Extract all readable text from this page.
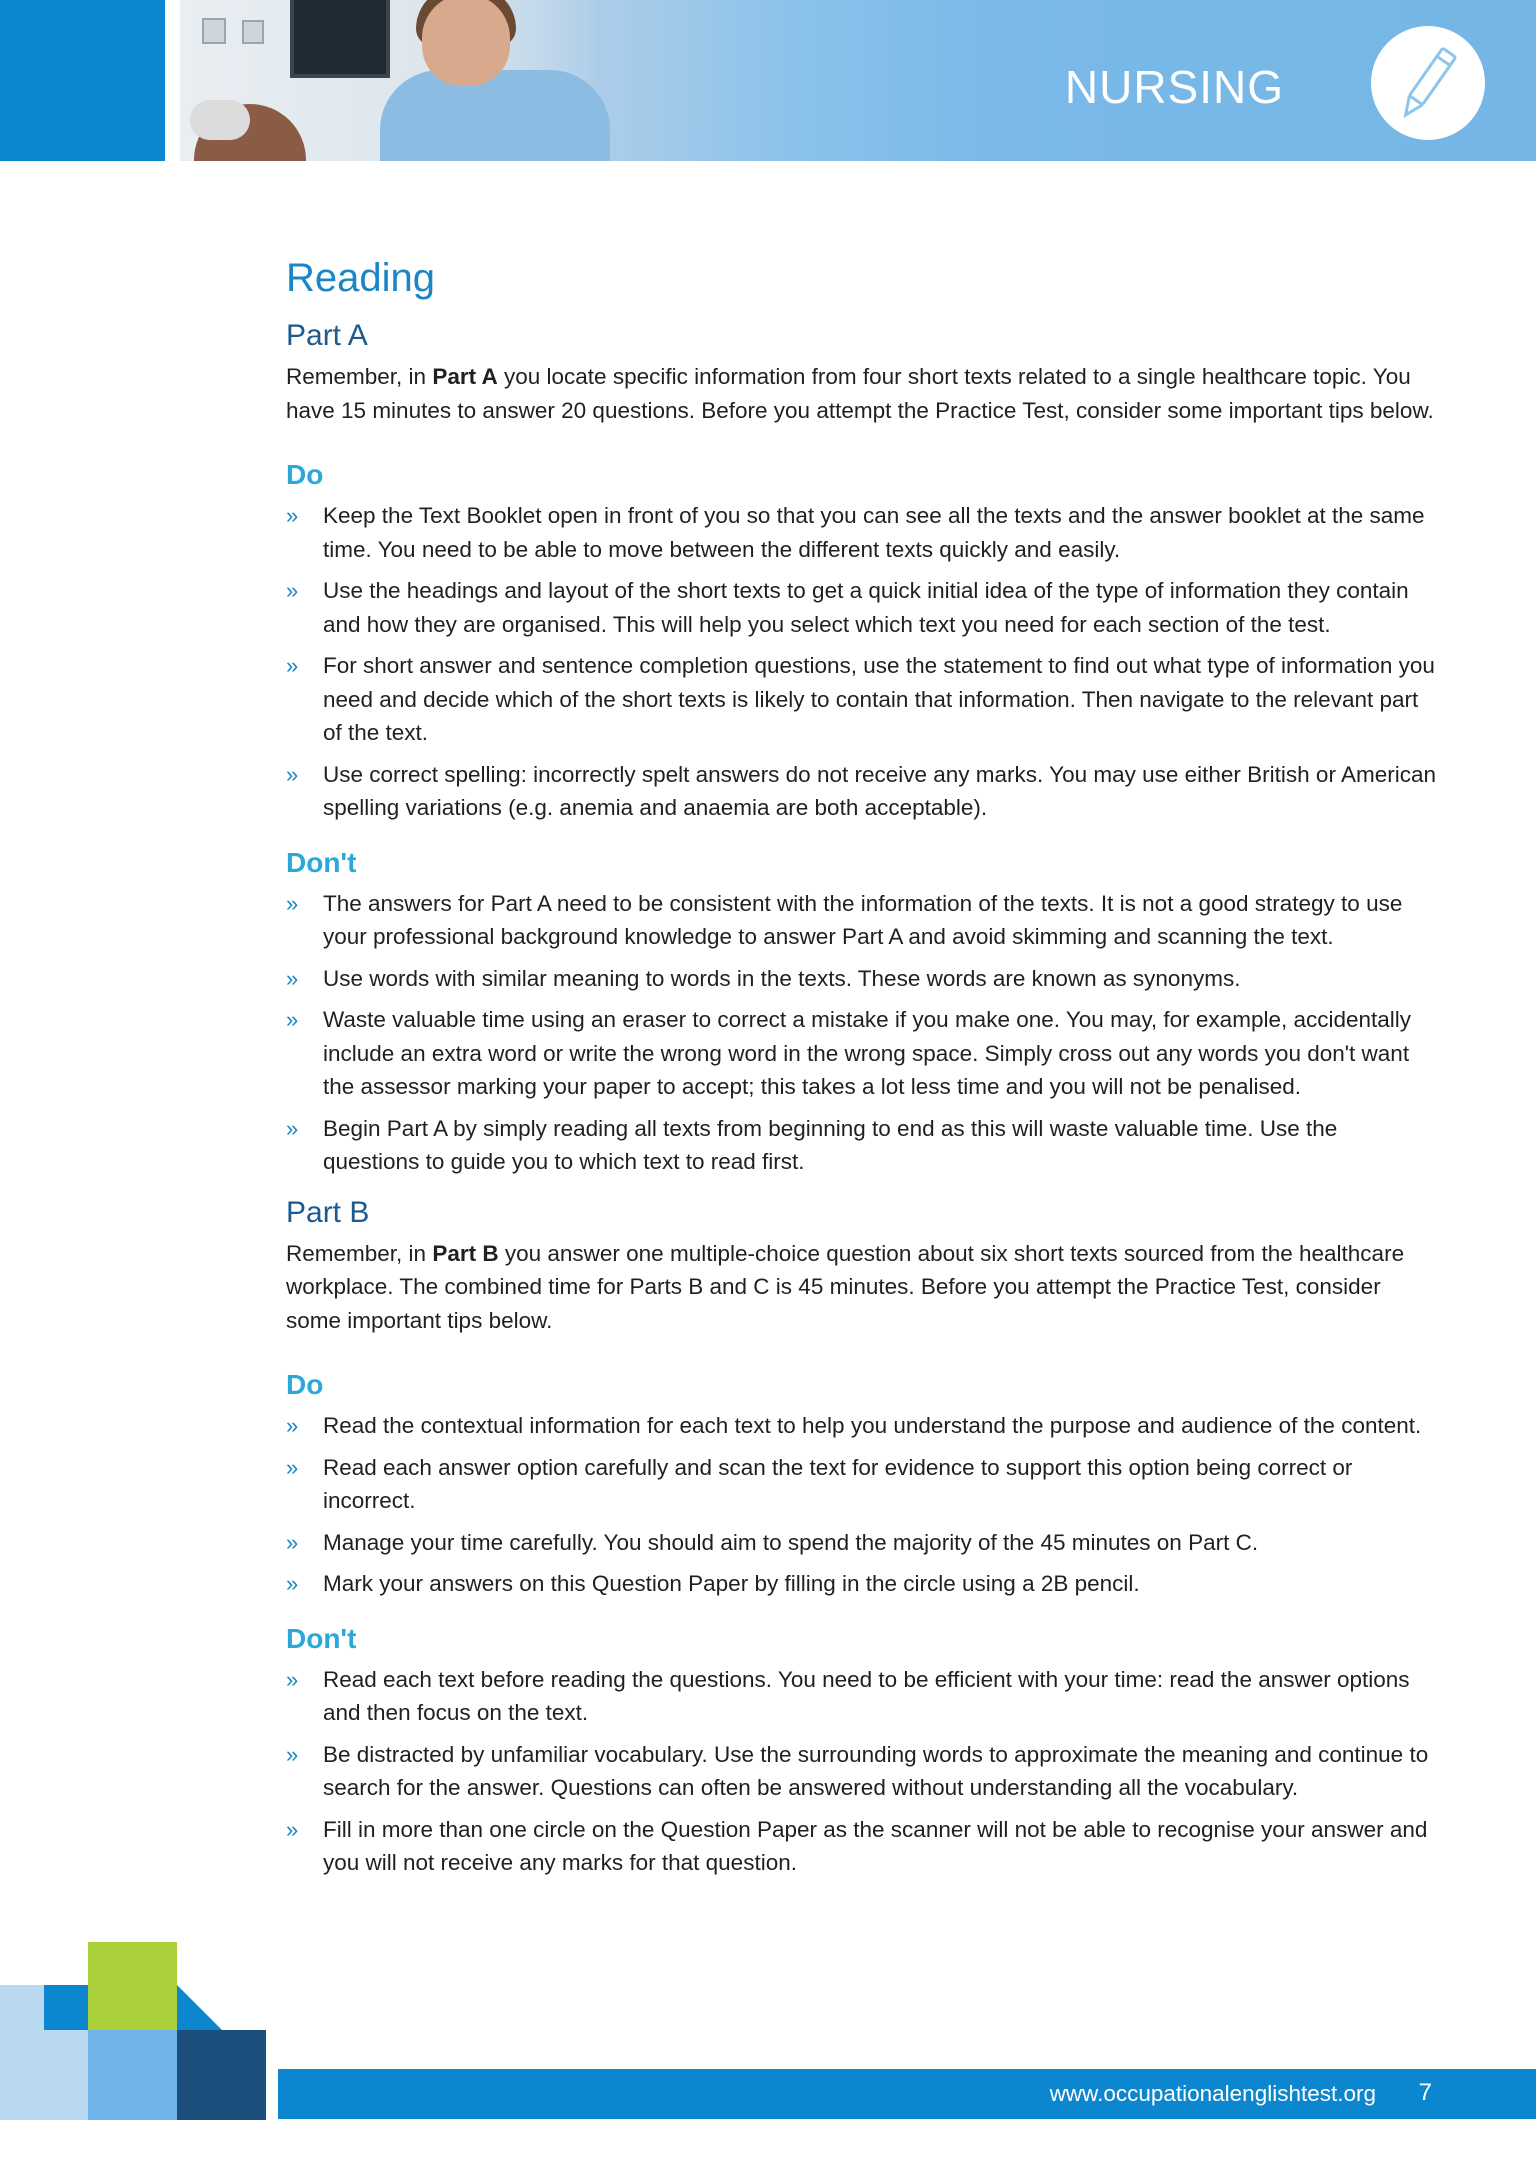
NURSING
Reading
Part A

Remember, in Part A you locate specific information from four short texts related to a single healthcare topic. You have 15 minutes to answer 20 questions. Before you attempt the Practice Test, consider some important tips below.

Do
» Keep the Text Booklet open in front of you so that you can see all the texts and the answer booklet at the same time. You need to be able to move between the different texts quickly and easily.
» Use the headings and layout of the short texts to get a quick initial idea of the type of information they contain and how they are organised. This will help you select which text you need for each section of the test.
» For short answer and sentence completion questions, use the statement to find out what type of information you need and decide which of the short texts is likely to contain that information. Then navigate to the relevant part of the text.
» Use correct spelling: incorrectly spelt answers do not receive any marks. You may use either British or American spelling variations (e.g. anemia and anaemia are both acceptable).
Don't
» The answers for Part A need to be consistent with the information of the texts. It is not a good strategy to use your professional background knowledge to answer Part A and avoid skimming and scanning the text.
» Use words with similar meaning to words in the texts. These words are known as synonyms.
» Waste valuable time using an eraser to correct a mistake if you make one. You may, for example, accidentally include an extra word or write the wrong word in the wrong space. Simply cross out any words you don't want the assessor marking your paper to accept; this takes a lot less time and you will not be penalised.
» Begin Part A by simply reading all texts from beginning to end as this will waste valuable time. Use the questions to guide you to which text to read first.
Part B

Remember, in Part B you answer one multiple-choice question about six short texts sourced from the healthcare workplace. The combined time for Parts B and C is 45 minutes. Before you attempt the Practice Test, consider some important tips below.

Do
» Read the contextual information for each text to help you understand the purpose and audience of the content.
» Read each answer option carefully and scan the text for evidence to support this option being correct or incorrect.
» Manage your time carefully. You should aim to spend the majority of the 45 minutes on Part C.
» Mark your answers on this Question Paper by filling in the circle using a 2B pencil.
Don't
» Read each text before reading the questions. You need to be efficient with your time: read the answer options and then focus on the text.
» Be distracted by unfamiliar vocabulary. Use the surrounding words to approximate the meaning and continue to search for the answer. Questions can often be answered without understanding all the vocabulary.
» Fill in more than one circle on the Question Paper as the scanner will not be able to recognise your answer and you will not receive any marks for that question.
www.occupationalenglishtest.org 7
